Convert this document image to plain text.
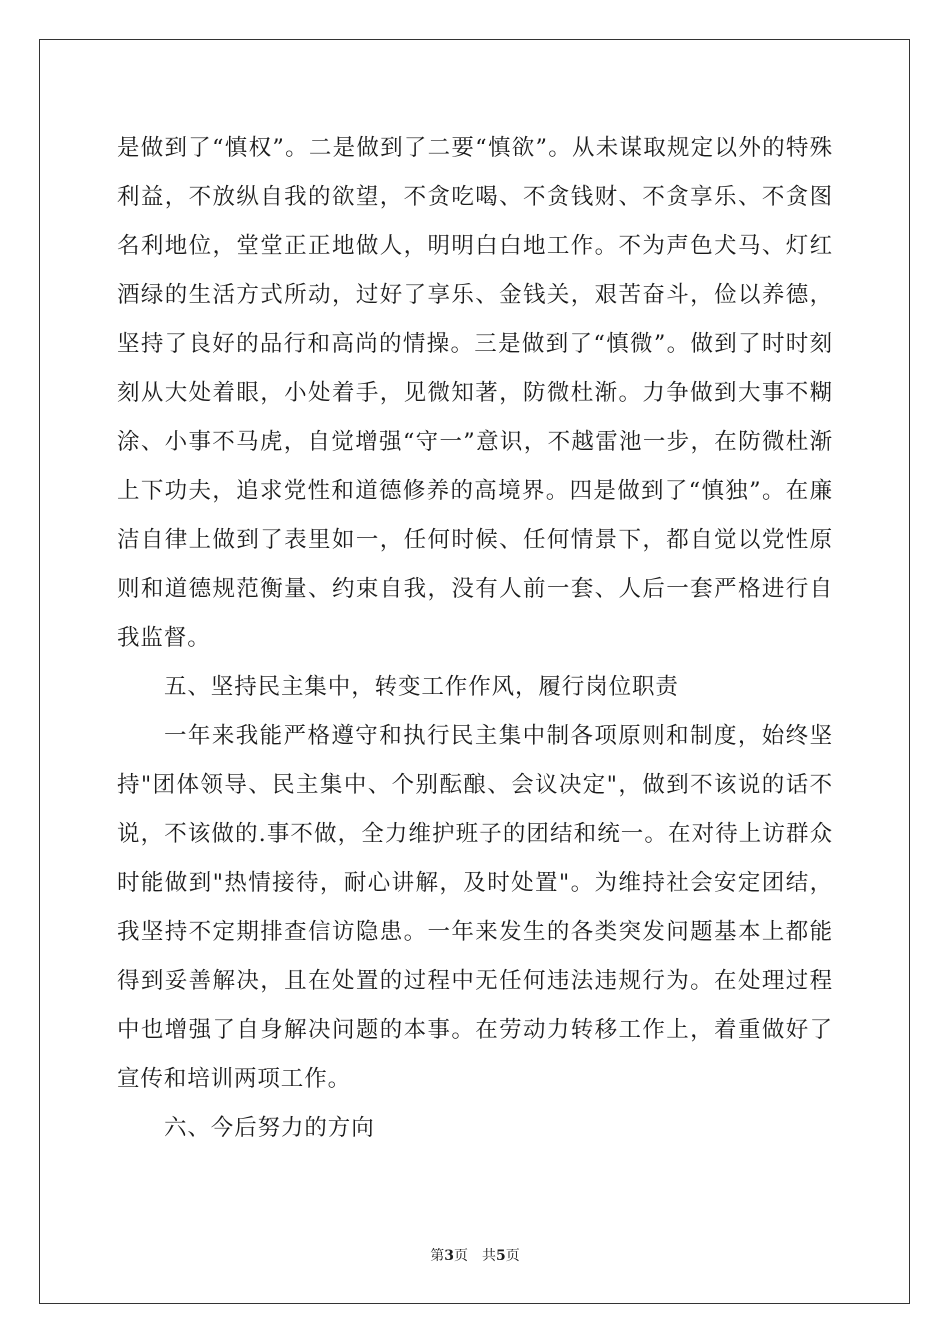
是做到了“慎权”。二是做到了二要“慎欲”。从未谋取规定以外的特殊利益，不放纵自我的欲望，不贪吃喝、不贪钱财、不贪享乐、不贪图名利地位，堂堂正正地做人，明明白白地工作。不为声色犬马、灯红酒绿的生活方式所动，过好了享乐、金钱关，艰苦奋斗，俭以养德，坚持了良好的品行和高尚的情操。三是做到了“慎微”。做到了时时刻刻从大处着眼，小处着手，见微知著，防微杜渐。力争做到大事不糊涂、小事不马虎，自觉增强“守一”意识，不越雷池一步，在防微杜渐上下功夫，追求党性和道德修养的高境界。四是做到了“慎独”。在廉洁自律上做到了表里如一，任何时候、任何情景下，都自觉以党性原则和道德规范衡量、约束自我，没有人前一套、人后一套严格进行自我监督。

五、坚持民主集中，转变工作作风，履行岗位职责

一年来我能严格遵守和执行民主集中制各项原则和制度，始终坚持"团体领导、民主集中、个别酝酿、会议决定"，做到不该说的话不说，不该做的.事不做，全力维护班子的团结和统一。在对待上访群众时能做到"热情接待，耐心讲解，及时处置"。为维持社会安定团结，我坚持不定期排查信访隐患。一年来发生的各类突发问题基本上都能得到妥善解决，且在处置的过程中无任何违法违规行为。在处理过程中也增强了自身解决问题的本事。在劳动力转移工作上，着重做好了宣传和培训两项工作。

六、今后努力的方向

第3页 共5页
